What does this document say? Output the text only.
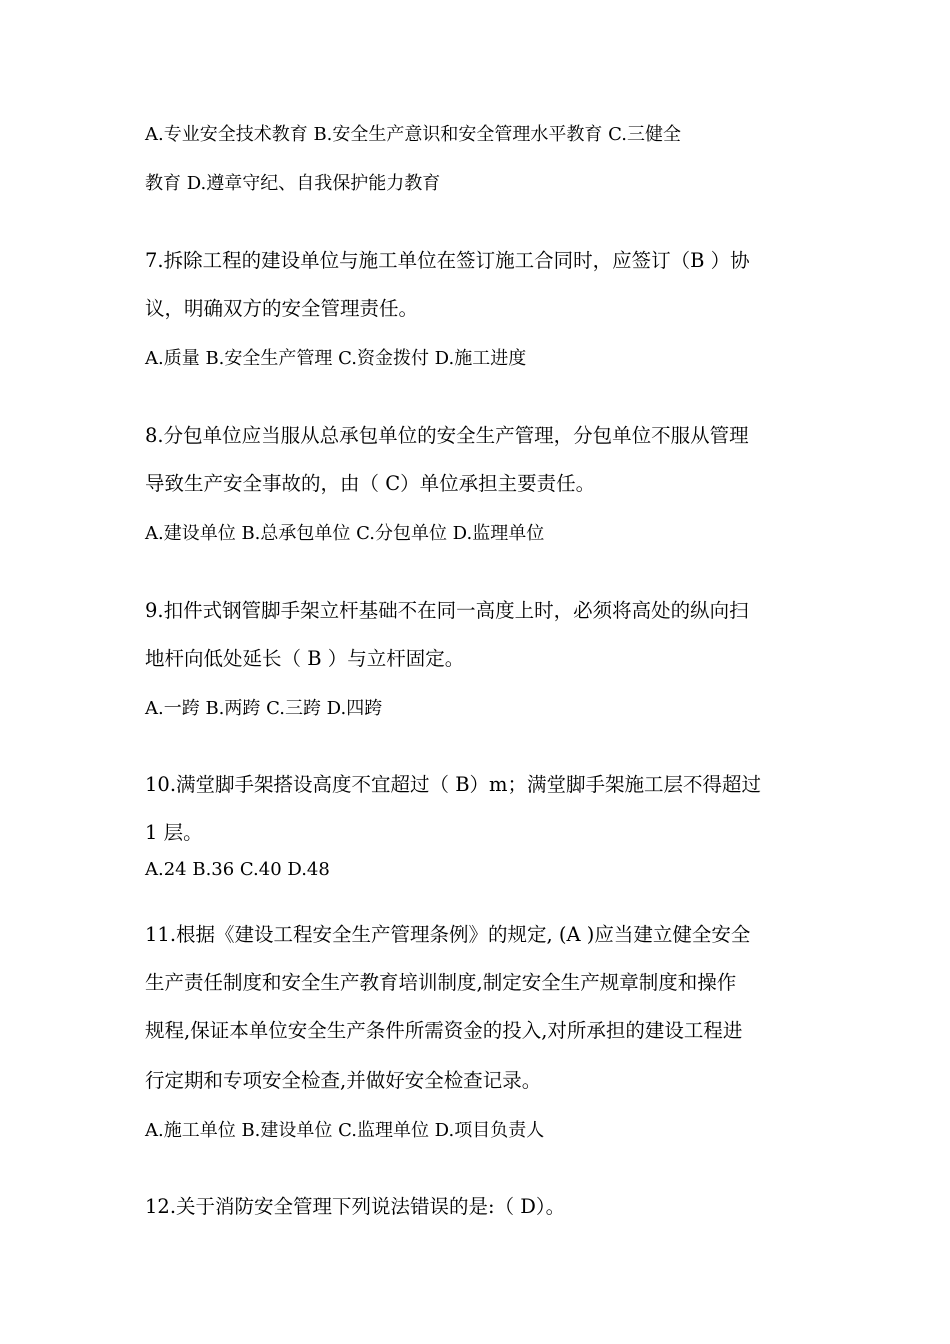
A.专业安全技术教育 B.安全生产意识和安全管理水平教育 C.三健全
教育 D.遵章守纪、自我保护能力教育
7.拆除工程的建设单位与施工单位在签订施工合同时，应签订（B ）协
议，明确双方的安全管理责任。
A.质量 B.安全生产管理 C.资金拨付 D.施工进度
8.分包单位应当服从总承包单位的安全生产管理，分包单位不服从管理
导致生产安全事故的，由（ C）单位承担主要责任。
A.建设单位 B.总承包单位 C.分包单位 D.监理单位
9.扣件式钢管脚手架立杆基础不在同一高度上时，必须将高处的纵向扫
地杆向低处延长（ B ）与立杆固定。
A.一跨 B.两跨 C.三跨 D.四跨
10.满堂脚手架搭设高度不宜超过（ B）m；满堂脚手架施工层不得超过
1 层。
A.24 B.36 C.40 D.48
11.根据《建设工程安全生产管理条例》的规定, (A )应当建立健全安全
生产责任制度和安全生产教育培训制度,制定安全生产规章制度和操作
规程,保证本单位安全生产条件所需资金的投入,对所承担的建设工程进
行定期和专项安全检查,并做好安全检查记录。
A.施工单位 B.建设单位 C.监理单位 D.项目负责人
12.关于消防安全管理下列说法错误的是:（ D）。
